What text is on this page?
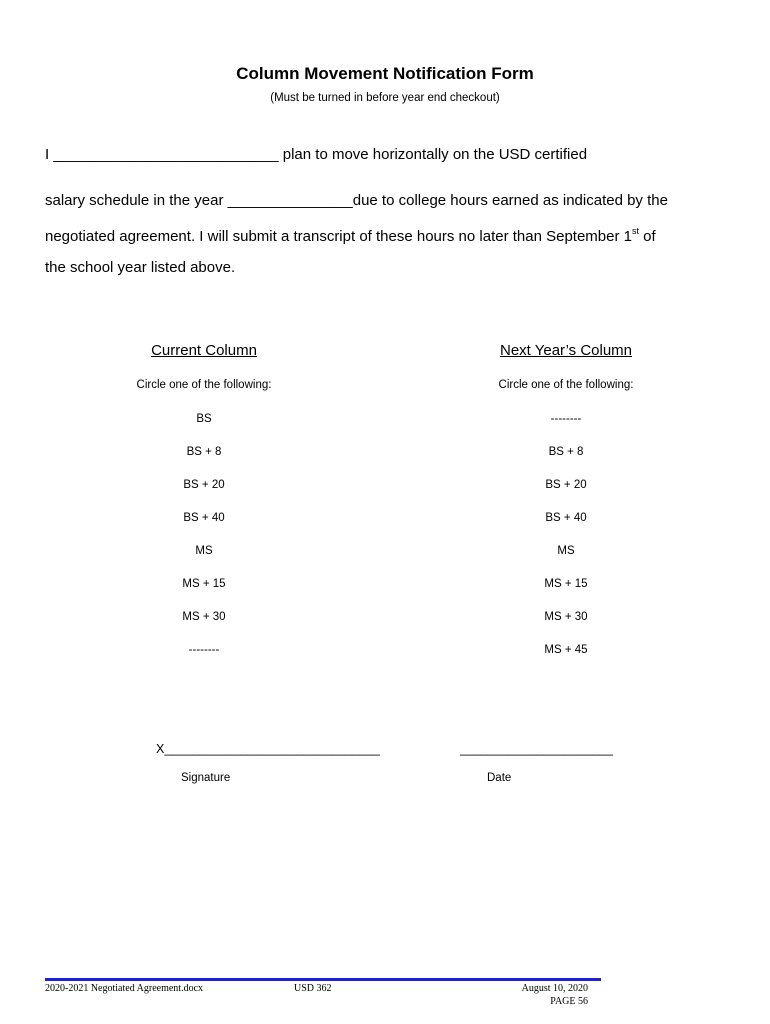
Column Movement Notification Form
(Must be turned in before year end checkout)
I ___________________________ plan to move horizontally on the USD certified
salary schedule in the year _______________due to college hours earned as indicated by the
negotiated agreement. I will submit a transcript of these hours no later than September 1st of
the school year listed above.
Current Column
Circle one of the following:
BS
BS + 8
BS + 20
BS + 40
MS
MS + 15
MS + 30
--------
Next Year’s Column
Circle one of the following:
--------
BS + 8
BS + 20
BS + 40
MS
MS + 15
MS + 30
MS + 45
X_______________________________	______________________
Signature	Date
2020-2021 Negotiated Agreement.docx	USD 362	August 10, 2020
PAGE 56
